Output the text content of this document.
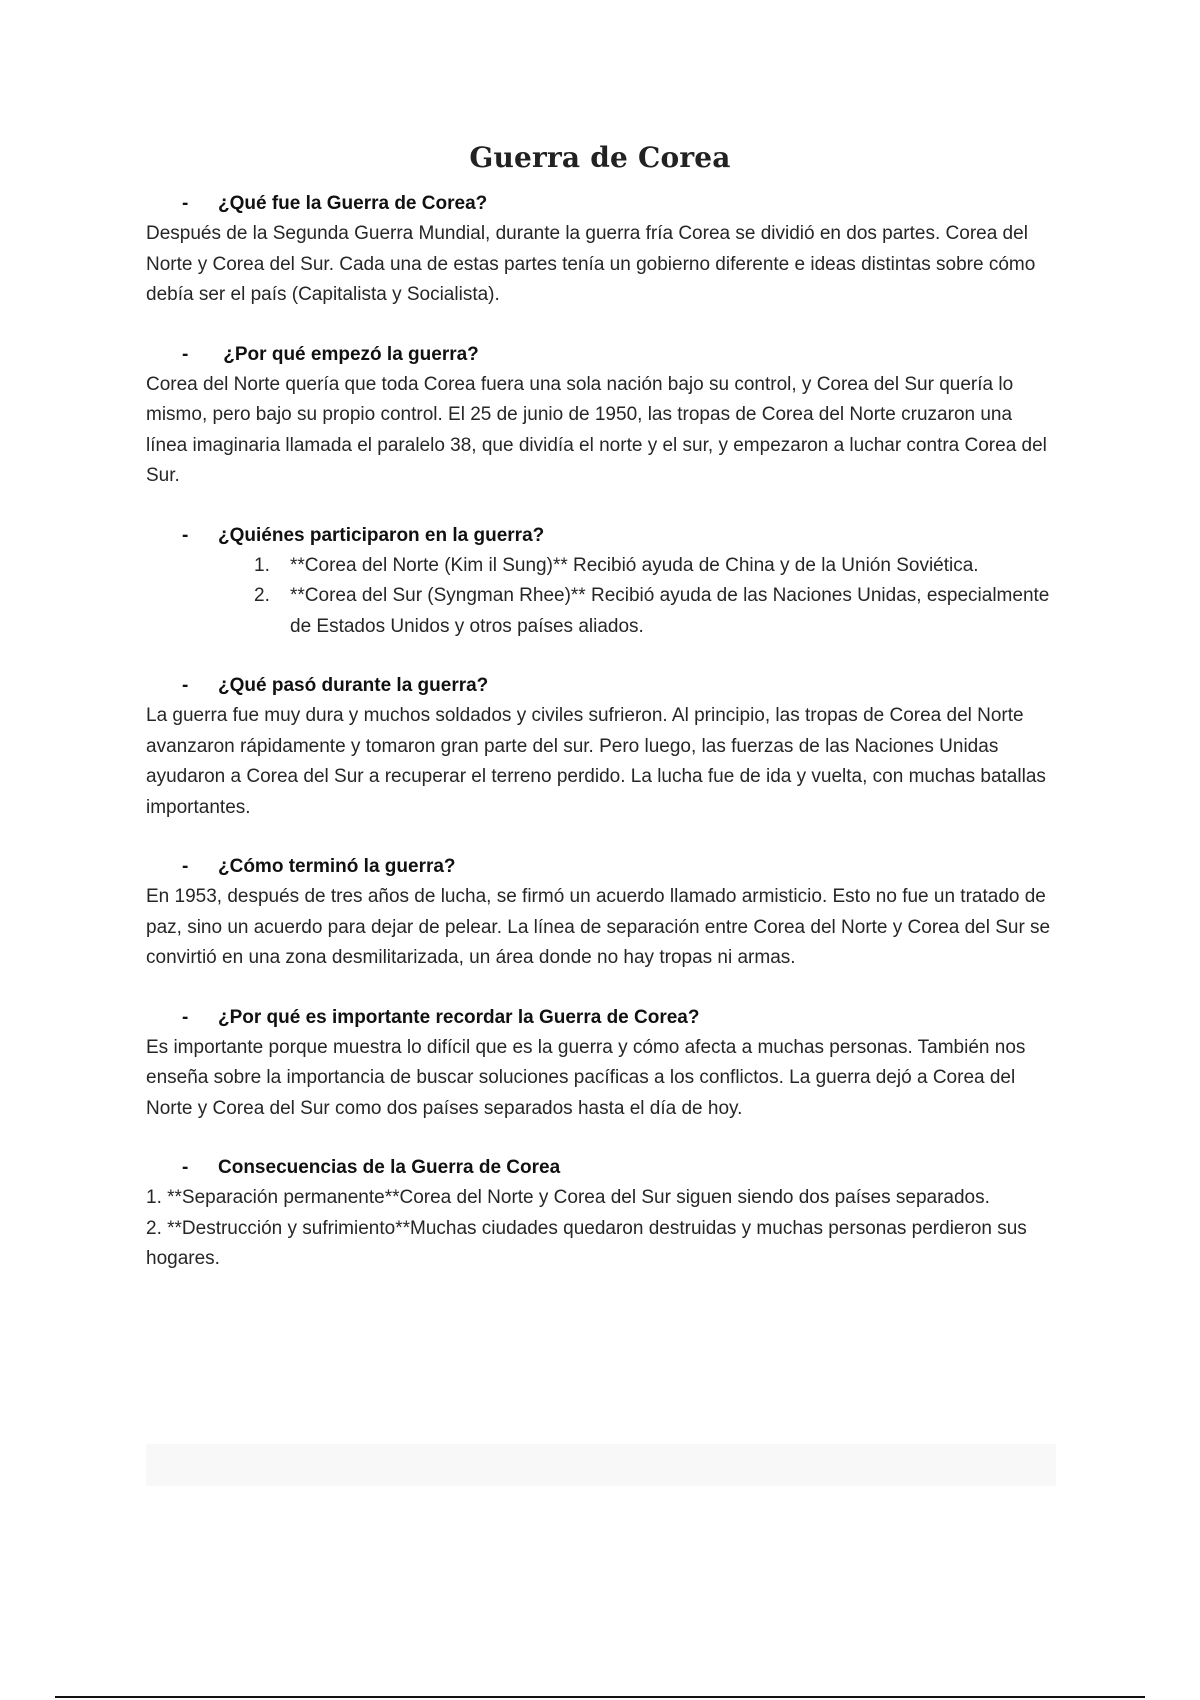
Guerra de Corea
-	¿Qué fue la Guerra de Corea?

Después de la Segunda Guerra Mundial, durante la guerra fría Corea se dividió en dos partes. Corea del Norte y Corea del Sur. Cada una de estas partes tenía un gobierno diferente e ideas distintas sobre cómo debía ser el país (Capitalista y Socialista).

-	¿Por qué empezó la guerra?

Corea del Norte quería que toda Corea fuera una sola nación bajo su control, y Corea del Sur quería lo mismo, pero bajo su propio control. El 25 de junio de 1950, las tropas de Corea del Norte cruzaron una línea imaginaria llamada el paralelo 38, que dividía el norte y el sur, y empezaron a luchar contra Corea del Sur.

-	¿Quiénes participaron en la guerra?
1. **Corea del Norte (Kim il Sung)** Recibió ayuda de China y de la Unión Soviética.
2. **Corea del Sur (Syngman Rhee)** Recibió ayuda de las Naciones Unidas, especialmente de Estados Unidos y otros países aliados.
-	¿Qué pasó durante la guerra?

La guerra fue muy dura y muchos soldados y civiles sufrieron. Al principio, las tropas de Corea del Norte avanzaron rápidamente y tomaron gran parte del sur. Pero luego, las fuerzas de las Naciones Unidas ayudaron a Corea del Sur a recuperar el terreno perdido. La lucha fue de ida y vuelta, con muchas batallas importantes.

-	¿Cómo terminó la guerra?

En 1953, después de tres años de lucha, se firmó un acuerdo llamado armisticio. Esto no fue un tratado de paz, sino un acuerdo para dejar de pelear. La línea de separación entre Corea del Norte y Corea del Sur se convirtió en una zona desmilitarizada, un área donde no hay tropas ni armas.

-	¿Por qué es importante recordar la Guerra de Corea?

Es importante porque muestra lo difícil que es la guerra y cómo afecta a muchas personas. También nos enseña sobre la importancia de buscar soluciones pacíficas a los conflictos. La guerra dejó a Corea del Norte y Corea del Sur como dos países separados hasta el día de hoy.

-	Consecuencias de la Guerra de Corea

1. **Separación permanente**Corea del Norte y Corea del Sur siguen siendo dos países separados.

2. **Destrucción y sufrimiento**Muchas ciudades quedaron destruidas y muchas personas perdieron sus hogares.
